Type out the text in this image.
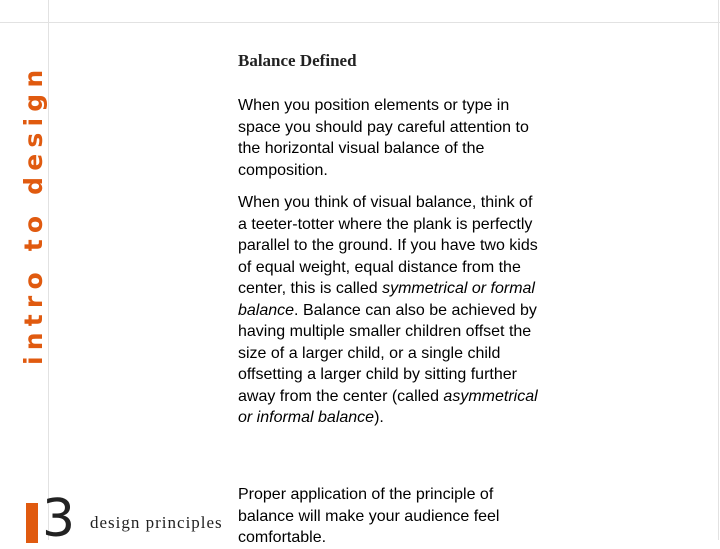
intro to design
Balance Defined

When you position elements or type in space you should pay careful attention to the horizontal visual balance of the composition.

When you think of visual balance, think of a teeter-totter where the plank is perfectly parallel to the ground. If you have two kids of equal weight, equal distance from the center, this is called symmetrical or formal balance. Balance can also be achieved by having multiple smaller children offset the size of a larger child, or a single child offsetting a larger child by sitting further away from the center (called asymmetrical or informal balance).

Proper application of the principle of balance will make your audience feel comfortable.

3 design principles
